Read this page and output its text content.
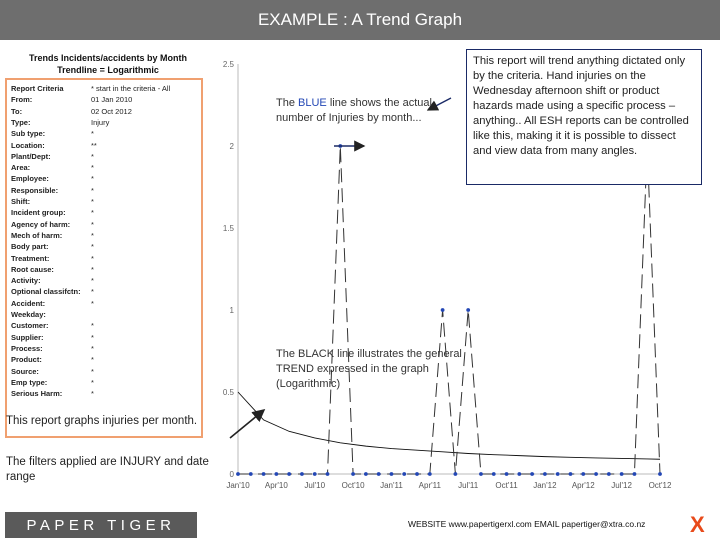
EXAMPLE : A Trend Graph
Trends Incidents/accidents by Month
Trendline = Logarithmic
Report Criteria	* start in the criteria - All
From:	01 Jan 2010
To:	02 Oct 2012
Type:	Injury
Sub type:	*
Location:	**
Plant/Dept:	*
Area:	*
Employee:	*
Responsible:	*
Shift:	*
Incident group:	*
Agency of harm:	*
Mech of harm:	*
Body part:	*
Treatment:	*
Root cause:	*
Activity:	*
Optional classifctn: *
Accident:	*
Weekday:
Customer:	*
Supplier:	*
Process:	*
Product:	*
Source:	*
Emp type:	*
Serious Harm:	*
This report graphs injuries per month.
The filters applied are INJURY and date range	0
0.5
1
1.5
2
2.5
Jan'10 Apr'10 Jul'10 Oct'10 Jan'11 Apr'11 Jul'11 Oct'11 Jan'12 Apr'12 Jul'12 Oct'12
The BLUE line shows the actual number of Injuries by month...
The BLACK line illustrates the general TREND expressed in the graph (Logarithmic)
This report will trend anything dictated only by the criteria. Hand injuries on the Wednesday afternoon shift or product hazards made using a specific process – anything.. All ESH reports can be controlled like this, making it it is possible to dissect and view data from many angles.
PAPER TIGER	WEBSITE www.papertigerxl.com EMAIL papertiger@xtra.co.nz X
